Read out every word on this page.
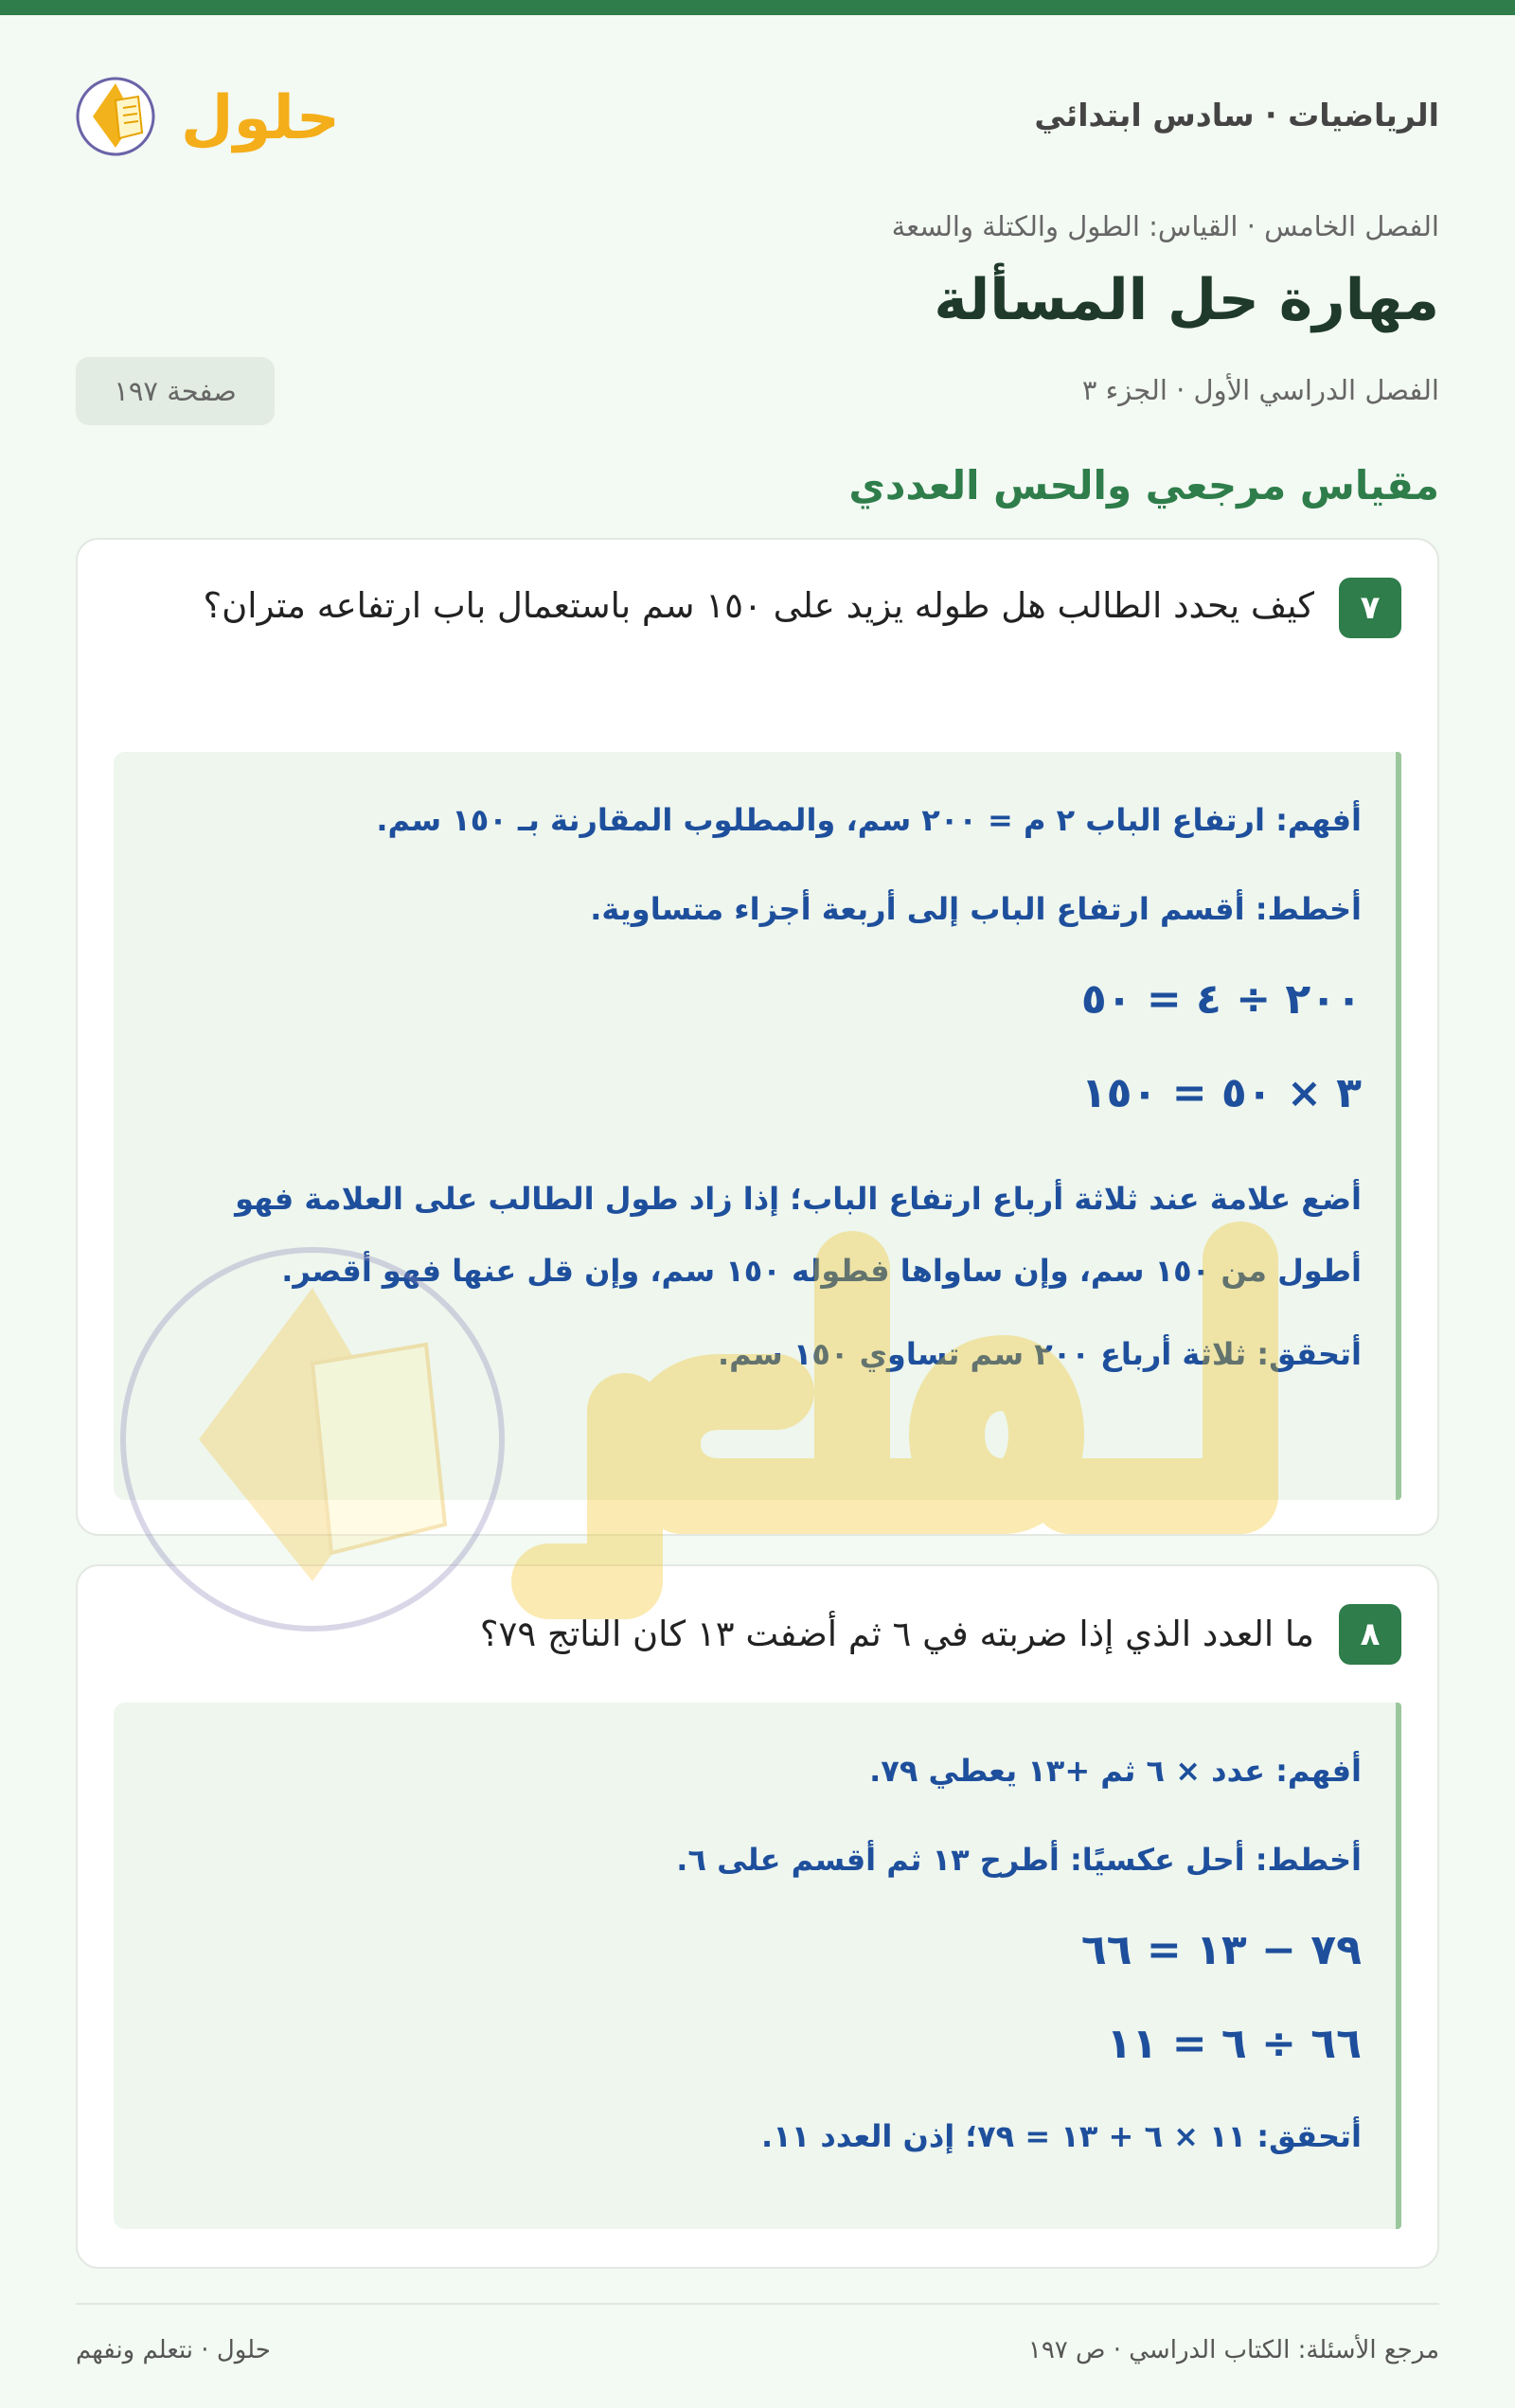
الرياضيات · سادس ابتدائي
حلول
الفصل الخامس · القياس: الطول والكتلة والسعة
مهارة حل المسألة
الفصل الدراسي الأول · الجزء ٣
صفحة ١٩٧
مقياس مرجعي والحس العددي
٧
كيف يحدد الطالب هل طوله يزيد على ١٥٠ سم باستعمال باب ارتفاعه متران؟
أفهم: ارتفاع الباب ٢ م = ٢٠٠ سم، والمطلوب المقارنة بـ ١٥٠ سم.
أخطط: أقسم ارتفاع الباب إلى أربعة أجزاء متساوية.
٢٠٠ ÷ ٤ = ٥٠
٣ × ٥٠ = ١٥٠
أضع علامة عند ثلاثة أرباع ارتفاع الباب؛ إذا زاد طول الطالب على العلامة فهو أطول من ١٥٠ سم، وإن ساواها فطوله ١٥٠ سم، وإن قل عنها فهو أقصر.
أتحقق: ثلاثة أرباع ٢٠٠ سم تساوي ١٥٠ سم.
٨
ما العدد الذي إذا ضربته في ٦ ثم أضفت ١٣ كان الناتج ٧٩؟
أفهم: عدد × ٦ ثم +١٣ يعطي ٧٩.
أخطط: أحل عكسيًا: أطرح ١٣ ثم أقسم على ٦.
٧٩ − ١٣ = ٦٦
٦٦ ÷ ٦ = ١١
أتحقق: ١١ × ٦ + ١٣ = ٧٩؛ إذن العدد ١١.
مرجع الأسئلة: الكتاب الدراسي · ص ١٩٧
حلول · نتعلم ونفهم
